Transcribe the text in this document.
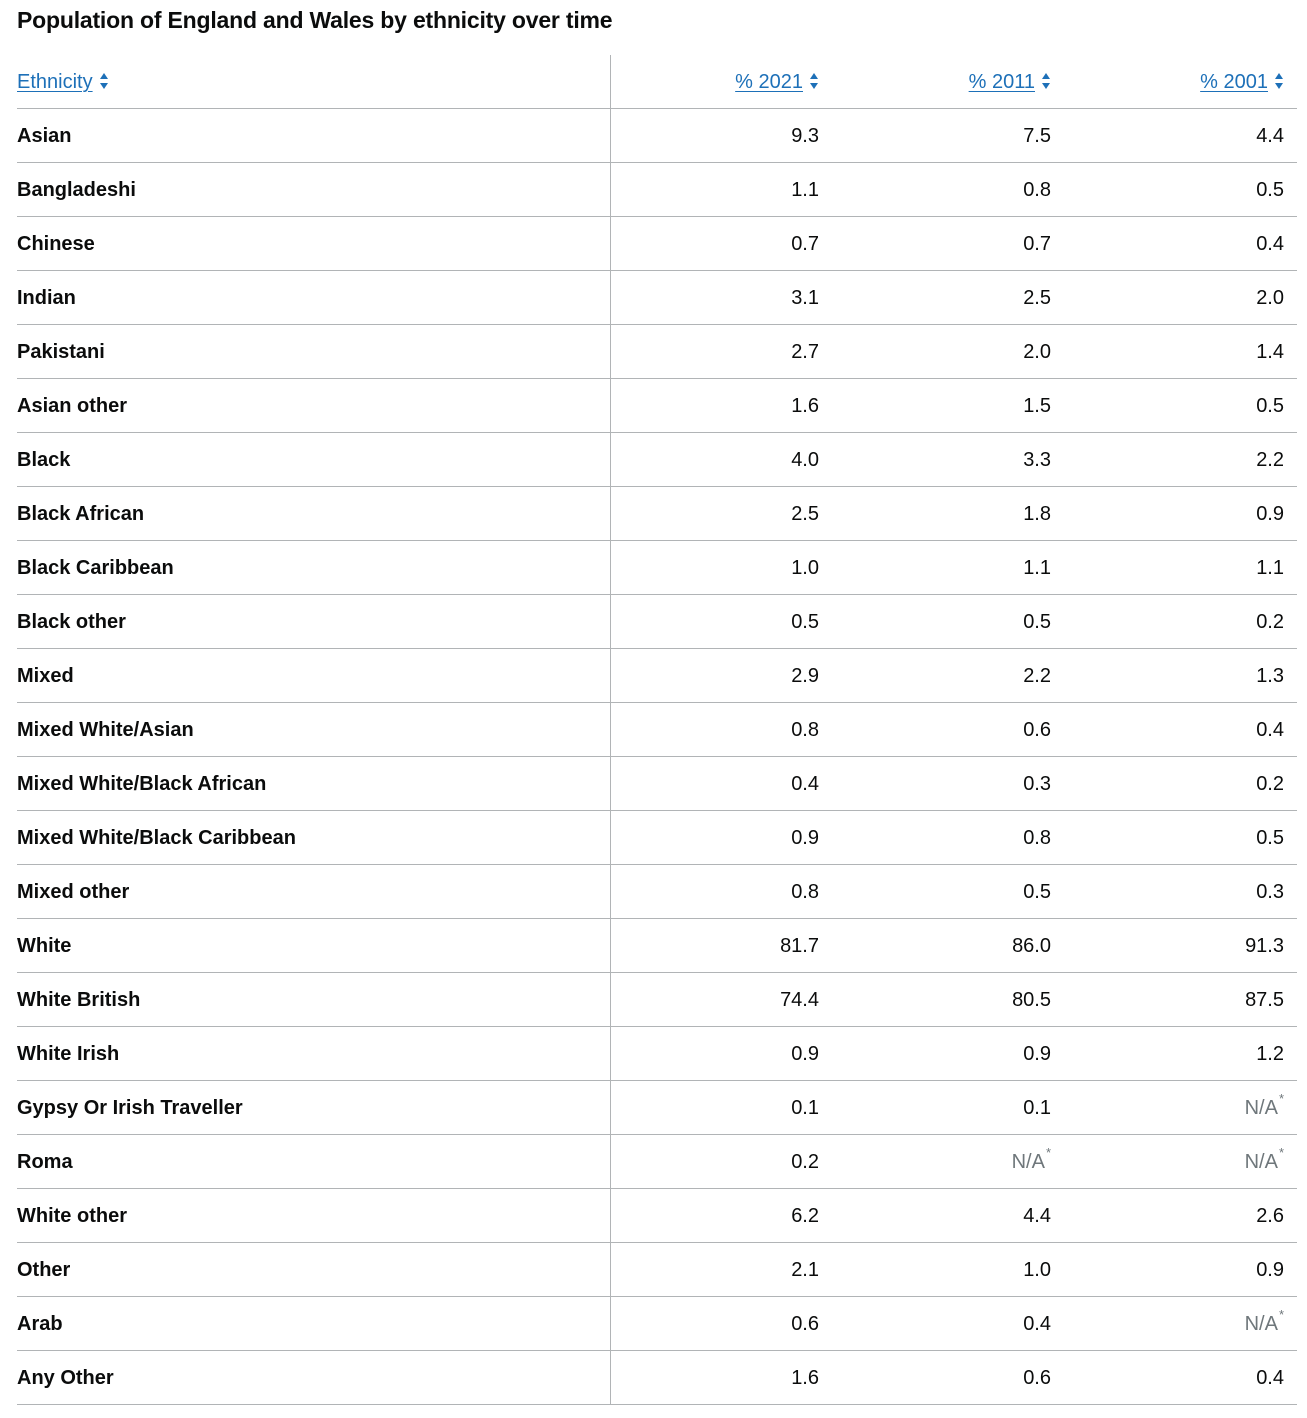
Population of England and Wales by ethnicity over time
Ethnicity	% 2021	% 2011	% 2001

Asian	9.3	7.5	4.4
Bangladeshi	1.1	0.8	0.5
Chinese	0.7	0.7	0.4
Indian	3.1	2.5	2.0
Pakistani	2.7	2.0	1.4
Asian other	1.6	1.5	0.5
Black	4.0	3.3	2.2
Black African	2.5	1.8	0.9
Black Caribbean	1.0	1.1	1.1
Black other	0.5	0.5	0.2
Mixed	2.9	2.2	1.3
Mixed White/Asian	0.8	0.6	0.4
Mixed White/Black African	0.4	0.3	0.2
Mixed White/Black Caribbean	0.9	0.8	0.5
Mixed other	0.8	0.5	0.3
White	81.7	86.0	91.3
White British	74.4	80.5	87.5
White Irish	0.9	0.9	1.2
Gypsy Or Irish Traveller	0.1	0.1	N/A*
Roma	0.2	N/A*	N/A*
White other	6.2	4.4	2.6
Other	2.1	1.0	0.9
Arab	0.6	0.4	N/A*
Any Other	1.6	0.6	0.4
